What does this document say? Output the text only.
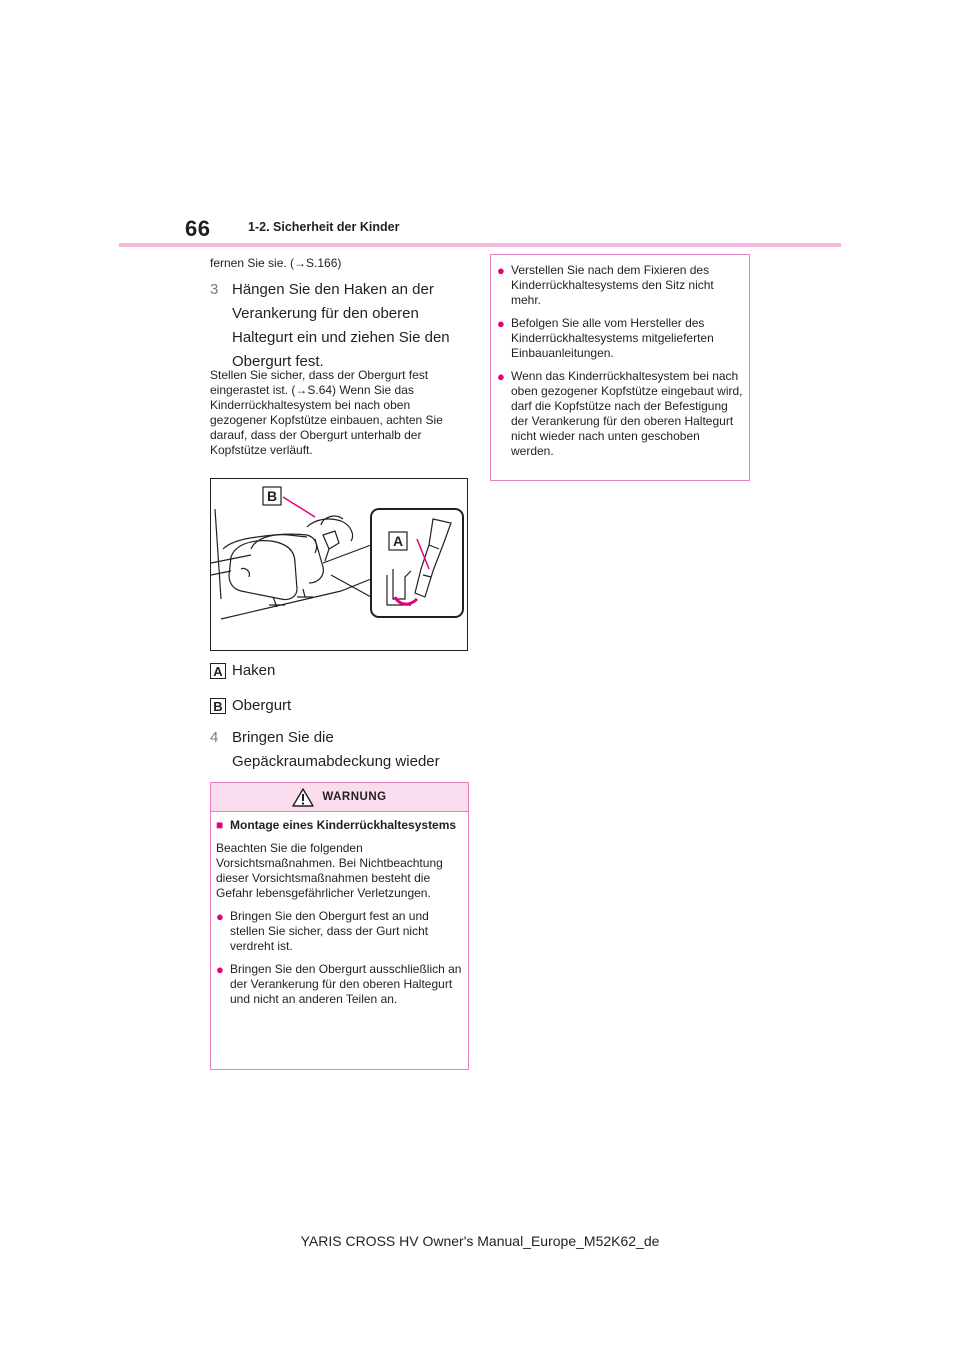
66	1-2. Sicherheit der Kinder
fernen Sie sie. (→S.166)
3 Hängen Sie den Haken an der Verankerung für den oberen Haltegurt ein und ziehen Sie den Obergurt fest.
Stellen Sie sicher, dass der Obergurt fest eingerastet ist. (→S.64) Wenn Sie das Kinderrückhaltesystem bei nach oben gezogener Kopfstütze einbauen, achten Sie darauf, dass der Obergurt unterhalb der Kopfstütze verläuft.
B
A
A Haken
B Obergurt
4 Bringen Sie die Gepäckraumabdeckung wieder
WARNUNG
■ Montage eines Kinderrückhaltesystems

Beachten Sie die folgenden Vorsichtsmaßnahmen. Bei Nichtbeachtung dieser Vorsichtsmaßnahmen besteht die Gefahr lebensgefährlicher Verletzungen.

● Bringen Sie den Obergurt fest an und stellen Sie sicher, dass der Gurt nicht verdreht ist.
● Bringen Sie den Obergurt ausschließlich an der Verankerung für den oberen Haltegurt und nicht an anderen Teilen an.
● Verstellen Sie nach dem Fixieren des Kinderrückhaltesystems den Sitz nicht mehr.
● Befolgen Sie alle vom Hersteller des Kinderrückhaltesystems mitgelieferten Einbauanleitungen.
● Wenn das Kinderrückhaltesystem bei nach oben gezogener Kopfstütze eingebaut wird, darf die Kopfstütze nach der Befestigung der Verankerung für den oberen Haltegurt nicht wieder nach unten geschoben werden.
YARIS CROSS HV Owner's Manual_Europe_M52K62_de
